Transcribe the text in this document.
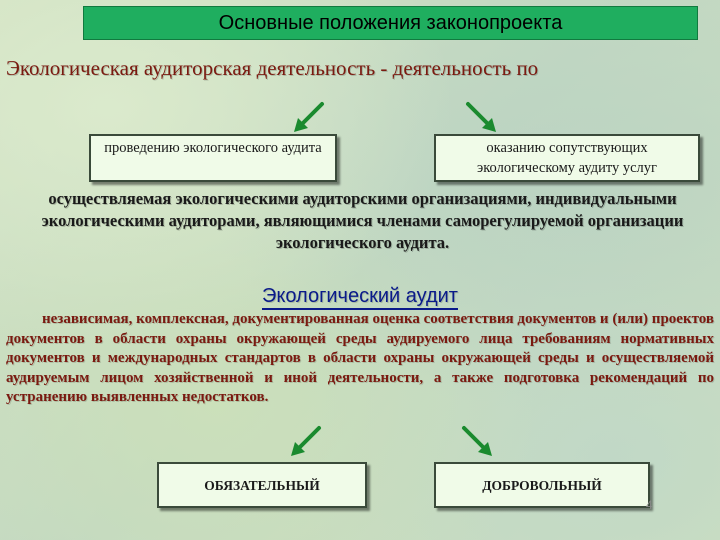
Основные положения законопроекта
Экологическая аудиторская деятельность - деятельность по
проведению экологического аудита	оказанию сопутствующих экологическому аудиту услуг
осуществляемая экологическими аудиторскими организациями, индивидуальными экологическими аудиторами, являющимися членами саморегулируемой организации экологического аудита.
Экологический аудит
независимая, комплексная, документированная оценка соответствия документов и (или) проектов документов в области охраны окружающей среды аудируемого лица требованиям нормативных документов и международных стандартов в области охраны окружающей среды и осуществляемой аудируемым лицом хозяйственной и иной деятельности, а также подготовка рекомендаций по устранению выявленных недостатков.
ОБЯЗАТЕЛЬНЫЙ	ДОБРОВОЛЬНЫЙ
4
